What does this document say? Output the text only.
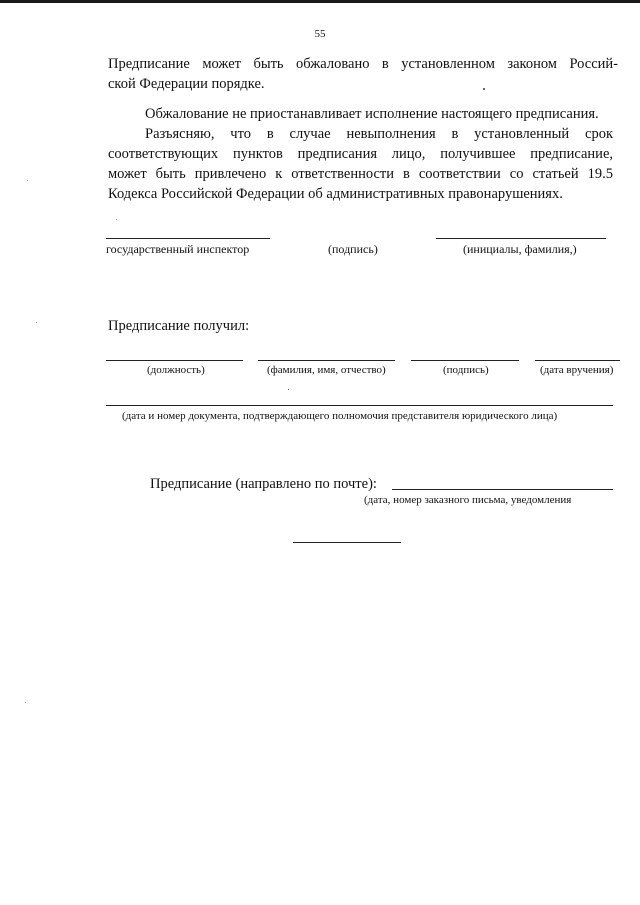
55
Предписание может быть обжаловано в установленном законом Россий-
ской Федерации порядке.
Обжалование не приостанавливает исполнение настоящего предписания.
Разъясняю, что в случае невыполнения в установленный срок
соответствующих пунктов предписания лицо, получившее предписание,
может быть привлечено к ответственности в соответствии со статьей 19.5
Кодекса Российской Федерации об административных правонарушениях.
государственный инспектор	(подпись)	(инициалы, фамилия,)
Предписание получил:
(должность)	(фамилия, имя, отчество)	(подпись)	(дата вручения)
(дата и номер документа, подтверждающего полномочия представителя юридического лица)
Предписание (направлено по почте):
(дата, номер заказного письма, уведомления
